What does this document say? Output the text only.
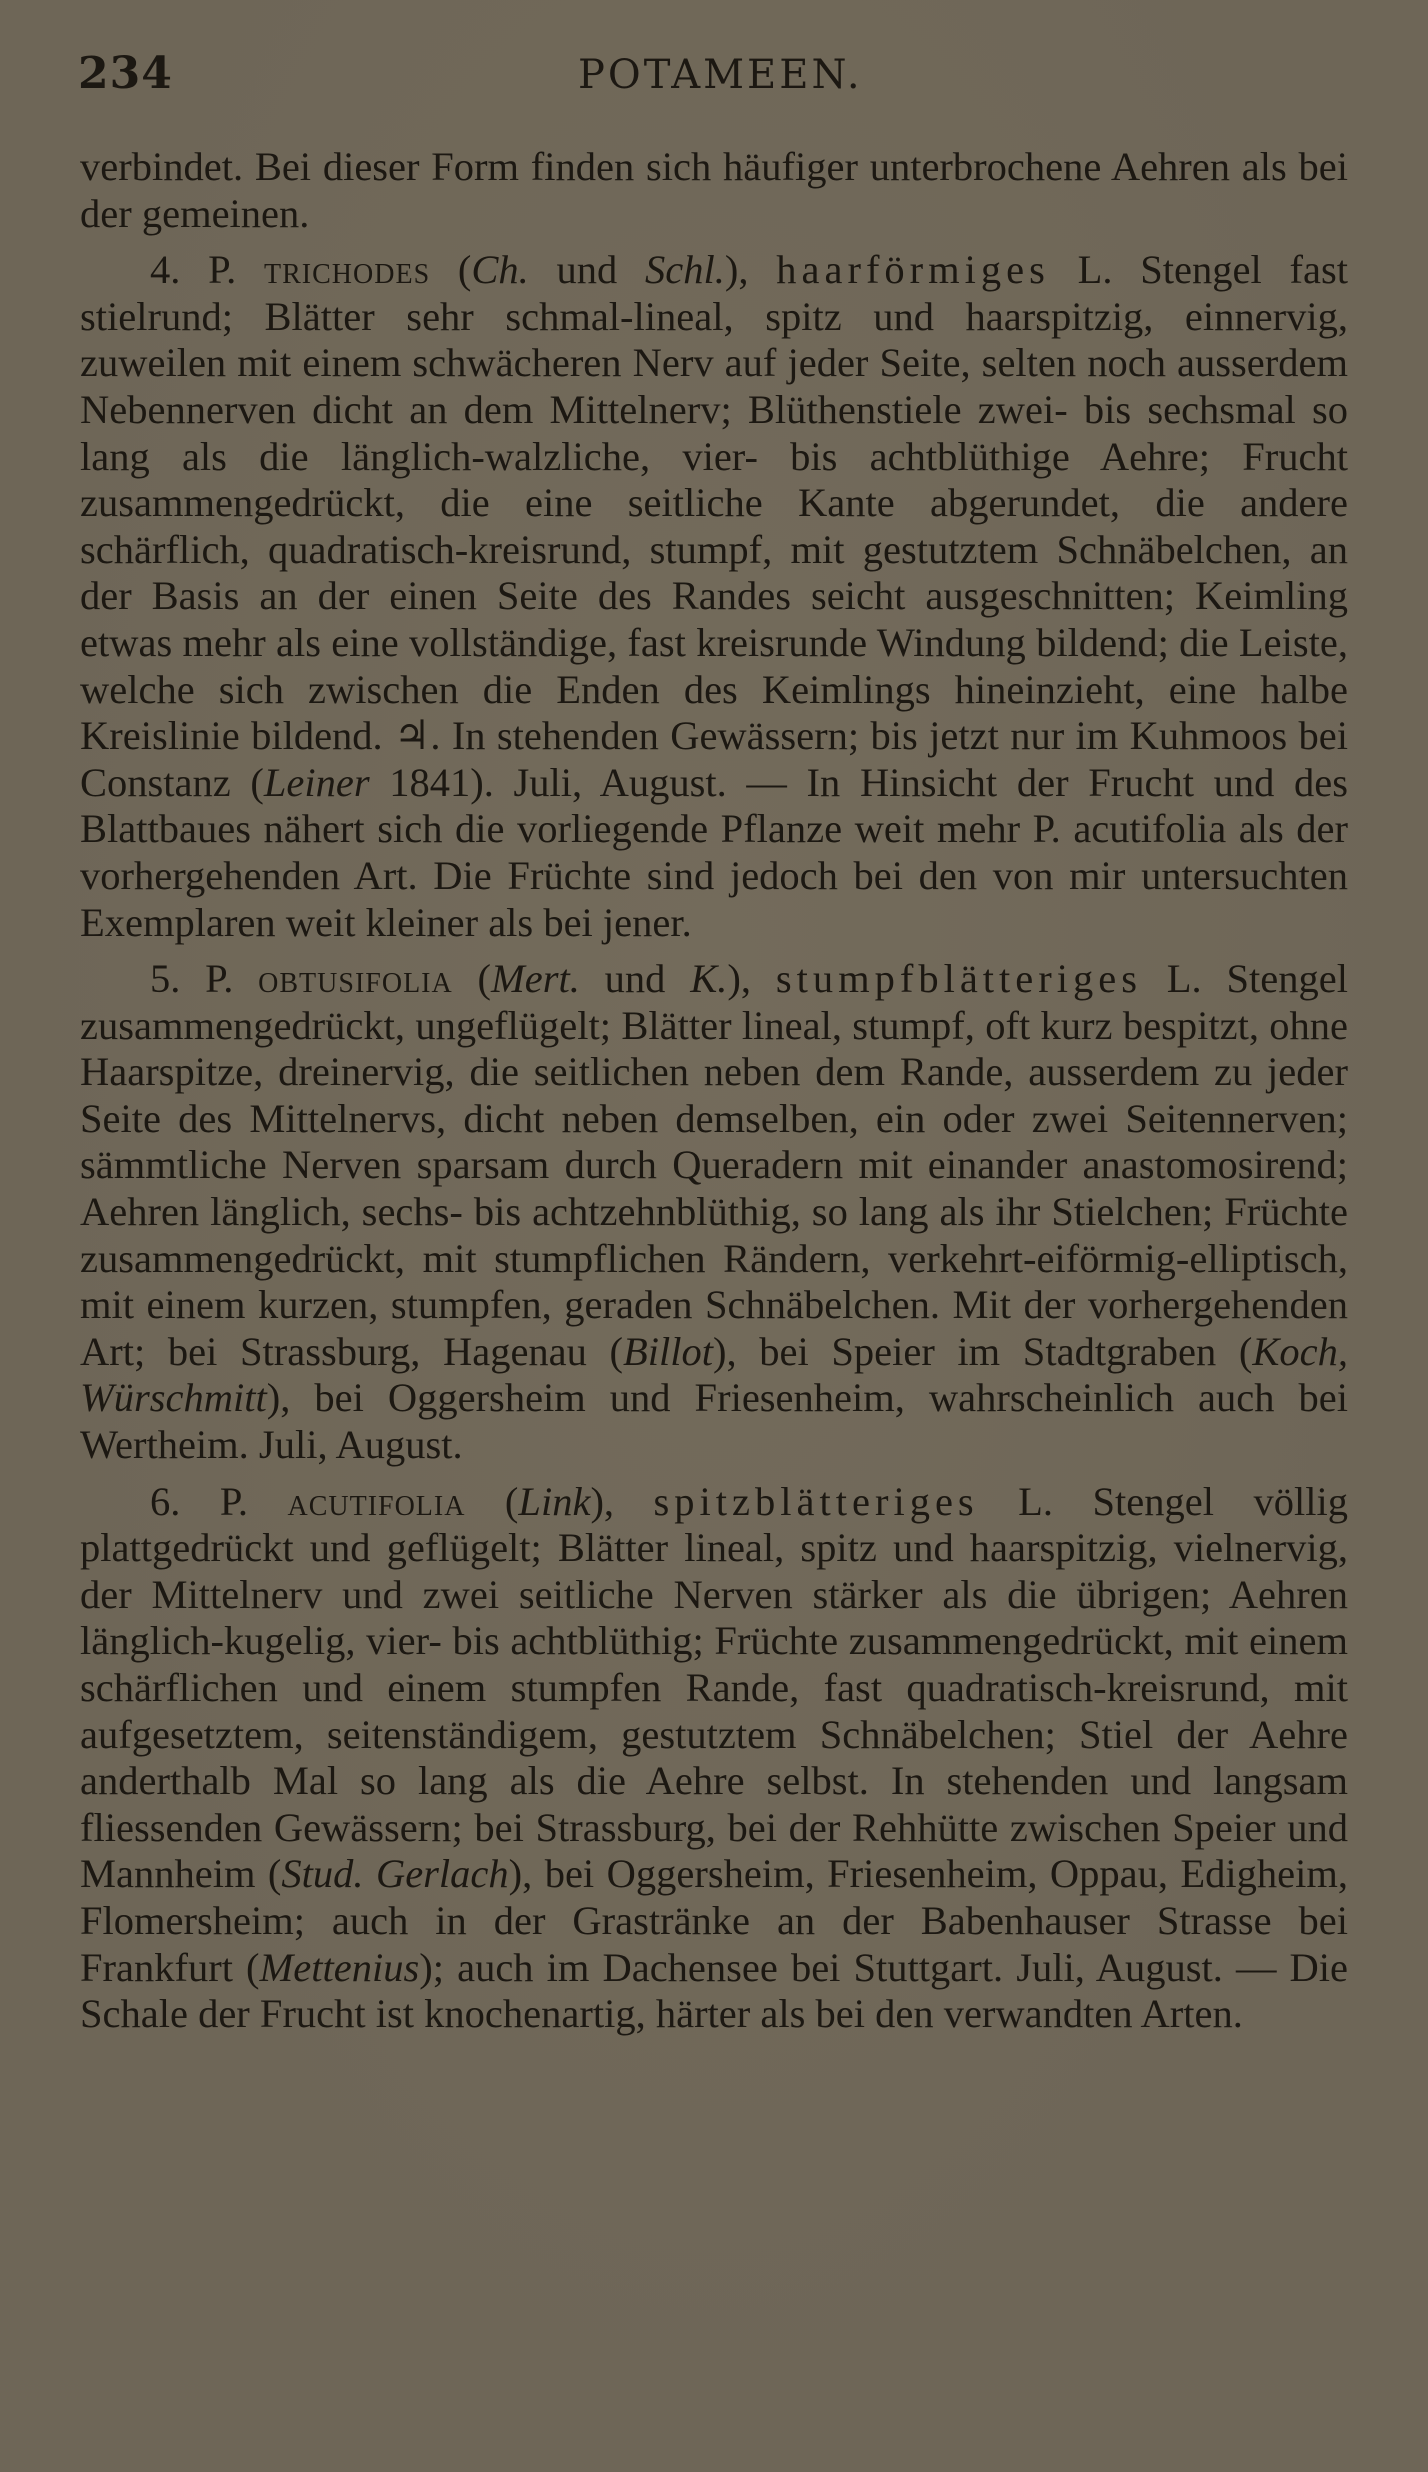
234	POTAMEEN.

verbindet. Bei dieser Form finden sich häufiger unterbrochene Aehren als bei der gemeinen.

4. P. trichodes (Ch. und Schl.), haarförmiges L. Stengel fast stielrund; Blätter sehr schmal-lineal, spitz und haarspitzig, einnervig, zuweilen mit einem schwächeren Nerv auf jeder Seite, selten noch ausserdem Nebennerven dicht an dem Mittelnerv; Blüthenstiele zwei- bis sechsmal so lang als die länglich-walzliche, vier- bis achtblüthige Aehre; Frucht zusammengedrückt, die eine seitliche Kante abgerundet, die andere schärflich, quadratisch-kreisrund, stumpf, mit gestutztem Schnäbelchen, an der Basis an der einen Seite des Randes seicht ausgeschnitten; Keimling etwas mehr als eine vollständige, fast kreisrunde Windung bildend; die Leiste, welche sich zwischen die Enden des Keimlings hineinzieht, eine halbe Kreislinie bildend. ♃. In stehenden Gewässern; bis jetzt nur im Kuhmoos bei Constanz (Leiner 1841). Juli, August. — In Hinsicht der Frucht und des Blattbaues nähert sich die vorliegende Pflanze weit mehr P. acutifolia als der vorhergehenden Art. Die Früchte sind jedoch bei den von mir untersuchten Exemplaren weit kleiner als bei jener.

5. P. obtusifolia (Mert. und K.), stumpfblätteriges L. Stengel zusammengedrückt, ungeflügelt; Blätter lineal, stumpf, oft kurz bespitzt, ohne Haarspitze, dreinervig, die seitlichen neben dem Rande, ausserdem zu jeder Seite des Mittelnervs, dicht neben demselben, ein oder zwei Seitennerven; sämmtliche Nerven sparsam durch Queradern mit einander anastomosirend; Aehren länglich, sechs- bis achtzehnblüthig, so lang als ihr Stielchen; Früchte zusammengedrückt, mit stumpflichen Rändern, verkehrt-eiförmig-elliptisch, mit einem kurzen, stumpfen, geraden Schnäbelchen. Mit der vorhergehenden Art; bei Strassburg, Hagenau (Billot), bei Speier im Stadtgraben (Koch, Würschmitt), bei Oggersheim und Friesenheim, wahrscheinlich auch bei Wertheim. Juli, August.

6. P. acutifolia (Link), spitzblätteriges L. Stengel völlig plattgedrückt und geflügelt; Blätter lineal, spitz und haarspitzig, vielnervig, der Mittelnerv und zwei seitliche Nerven stärker als die übrigen; Aehren länglich-kugelig, vier- bis achtblüthig; Früchte zusammengedrückt, mit einem schärflichen und einem stumpfen Rande, fast quadratisch-kreisrund, mit aufgesetztem, seitenständigem, gestutztem Schnäbelchen; Stiel der Aehre anderthalb Mal so lang als die Aehre selbst. In stehenden und langsam fliessenden Gewässern; bei Strassburg, bei der Rehhütte zwischen Speier und Mannheim (Stud. Gerlach), bei Oggersheim, Friesenheim, Oppau, Edigheim, Flomersheim; auch in der Grastränke an der Babenhauser Strasse bei Frankfurt (Mettenius); auch im Dachensee bei Stuttgart. Juli, August. — Die Schale der Frucht ist knochenartig, härter als bei den verwandten Arten.
